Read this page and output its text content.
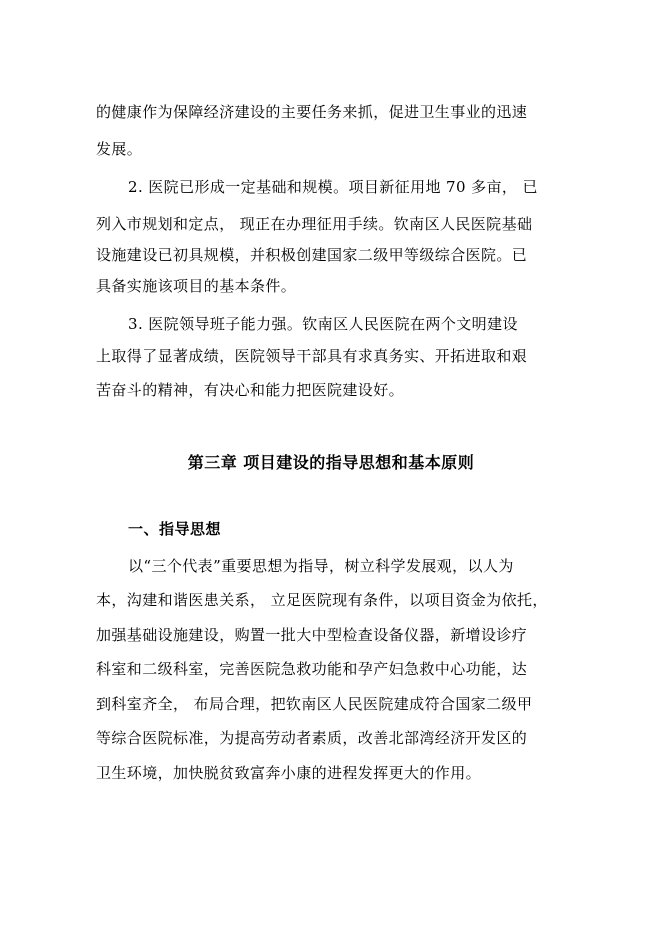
的健康作为保障经济建设的主要任务来抓，促进卫生事业的迅速
发展。
2. 医院已形成一定基础和规模。项目新征用地 70 多亩， 已
列入市规划和定点， 现正在办理征用手续。钦南区人民医院基础
设施建设已初具规模，并积极创建国家二级甲等级综合医院。已
具备实施该项目的基本条件。
3. 医院领导班子能力强。钦南区人民医院在两个文明建设
上取得了显著成绩，医院领导干部具有求真务实、开拓进取和艰
苦奋斗的精神，有决心和能力把医院建设好。
第三章 项目建设的指导思想和基本原则
一、指导思想
以“三个代表”重要思想为指导，树立科学发展观，以人为
本，沟建和谐医患关系， 立足医院现有条件，以项目资金为依托，
加强基础设施建设，购置一批大中型检查设备仪器，新增设诊疗
科室和二级科室，完善医院急救功能和孕产妇急救中心功能，达
到科室齐全， 布局合理，把钦南区人民医院建成符合国家二级甲
等综合医院标准，为提高劳动者素质，改善北部湾经济开发区的
卫生环境，加快脱贫致富奔小康的进程发挥更大的作用。
